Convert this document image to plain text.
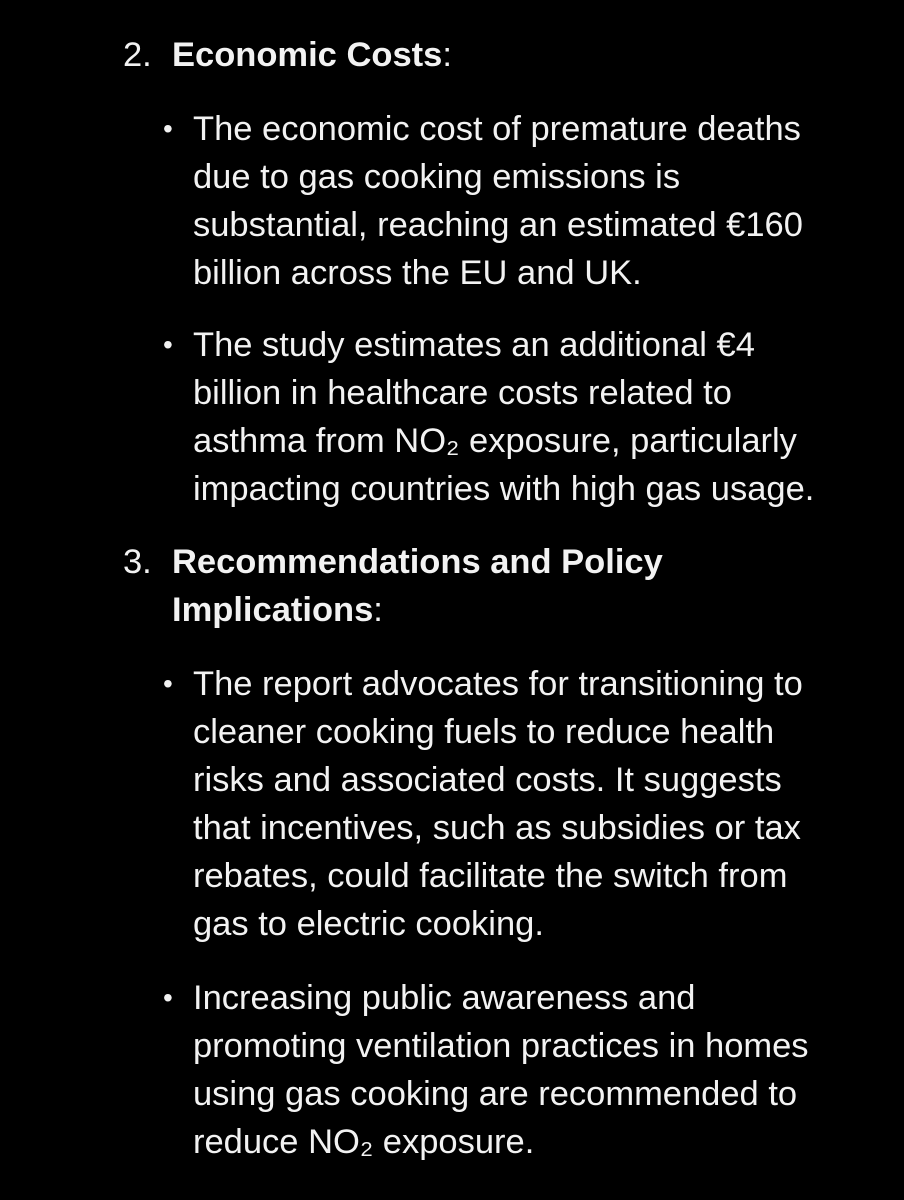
2. Economic Costs:
• The economic cost of premature deaths
due to gas cooking emissions is
substantial, reaching an estimated €160
billion across the EU and UK.
• The study estimates an additional €4
billion in healthcare costs related to
asthma from NO₂ exposure, particularly
impacting countries with high gas usage.
3. Recommendations and Policy
Implications:
• The report advocates for transitioning to
cleaner cooking fuels to reduce health
risks and associated costs. It suggests
that incentives, such as subsidies or tax
rebates, could facilitate the switch from
gas to electric cooking.
• Increasing public awareness and
promoting ventilation practices in homes
using gas cooking are recommended to
reduce NO₂ exposure.
